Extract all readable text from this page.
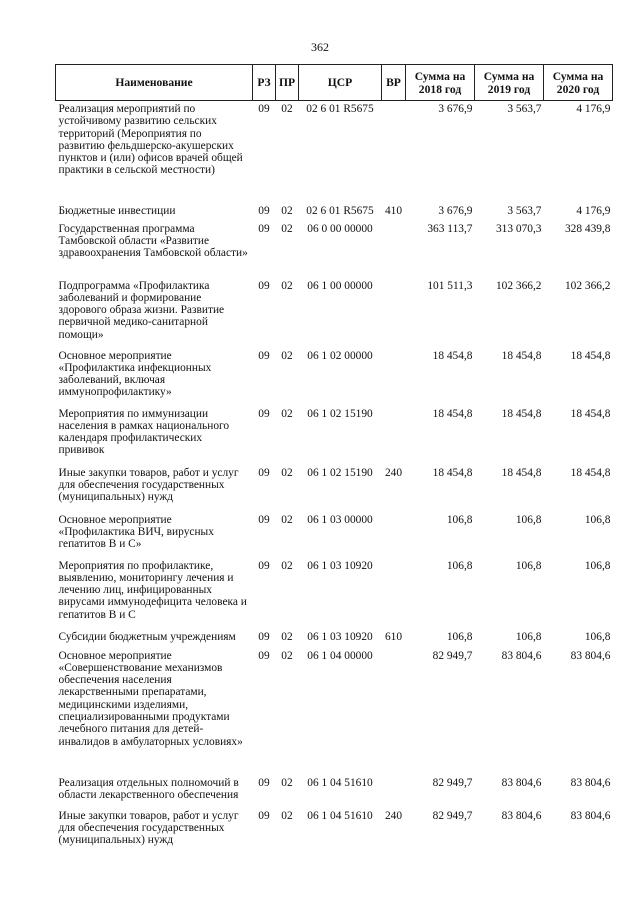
362
Наименование	РЗ	ПР	ЦСР	ВР	Сумма на 2018 год	Сумма на 2019 год	Сумма на 2020 год
Реализация мероприятий по устойчивому развитию сельских территорий (Мероприятия по развитию фельдшерско-акушерских пунктов и (или) офисов врачей общей практики в сельской местности)	09	02	02 6 01 R5675		3 676,9	3 563,7	4 176,9
Бюджетные инвестиции	09	02	02 6 01 R5675	410	3 676,9	3 563,7	4 176,9
Государственная программа Тамбовской области «Развитие здравоохранения Тамбовской области»	09	02	06 0 00 00000		363 113,7	313 070,3	328 439,8
Подпрограмма «Профилактика заболеваний и формирование здорового образа жизни. Развитие первичной медико-санитарной помощи»	09	02	06 1 00 00000		101 511,3	102 366,2	102 366,2
Основное мероприятие «Профилактика инфекционных заболеваний, включая иммунопрофилактику»	09	02	06 1 02 00000		18 454,8	18 454,8	18 454,8
Мероприятия по иммунизации населения в рамках национального календаря профилактических прививок	09	02	06 1 02 15190		18 454,8	18 454,8	18 454,8
Иные закупки товаров, работ и услуг для обеспечения государственных (муниципальных) нужд	09	02	06 1 02 15190	240	18 454,8	18 454,8	18 454,8
Основное мероприятие «Профилактика ВИЧ, вирусных гепатитов В и С»	09	02	06 1 03 00000		106,8	106,8	106,8
Мероприятия по профилактике, выявлению, мониторингу лечения и лечению лиц, инфицированных вирусами иммунодефицита человека и гепатитов В и С	09	02	06 1 03 10920		106,8	106,8	106,8
Субсидии бюджетным учреждениям	09	02	06 1 03 10920	610	106,8	106,8	106,8
Основное мероприятие «Совершенствование механизмов обеспечения населения лекарственными препаратами, медицинскими изделиями, специализированными продуктами лечебного питания для детей-инвалидов в амбулаторных условиях»	09	02	06 1 04 00000		82 949,7	83 804,6	83 804,6
Реализация отдельных полномочий в области лекарственного обеспечения	09	02	06 1 04 51610		82 949,7	83 804,6	83 804,6
Иные закупки товаров, работ и услуг для обеспечения государственных (муниципальных) нужд	09	02	06 1 04 51610	240	82 949,7	83 804,6	83 804,6
